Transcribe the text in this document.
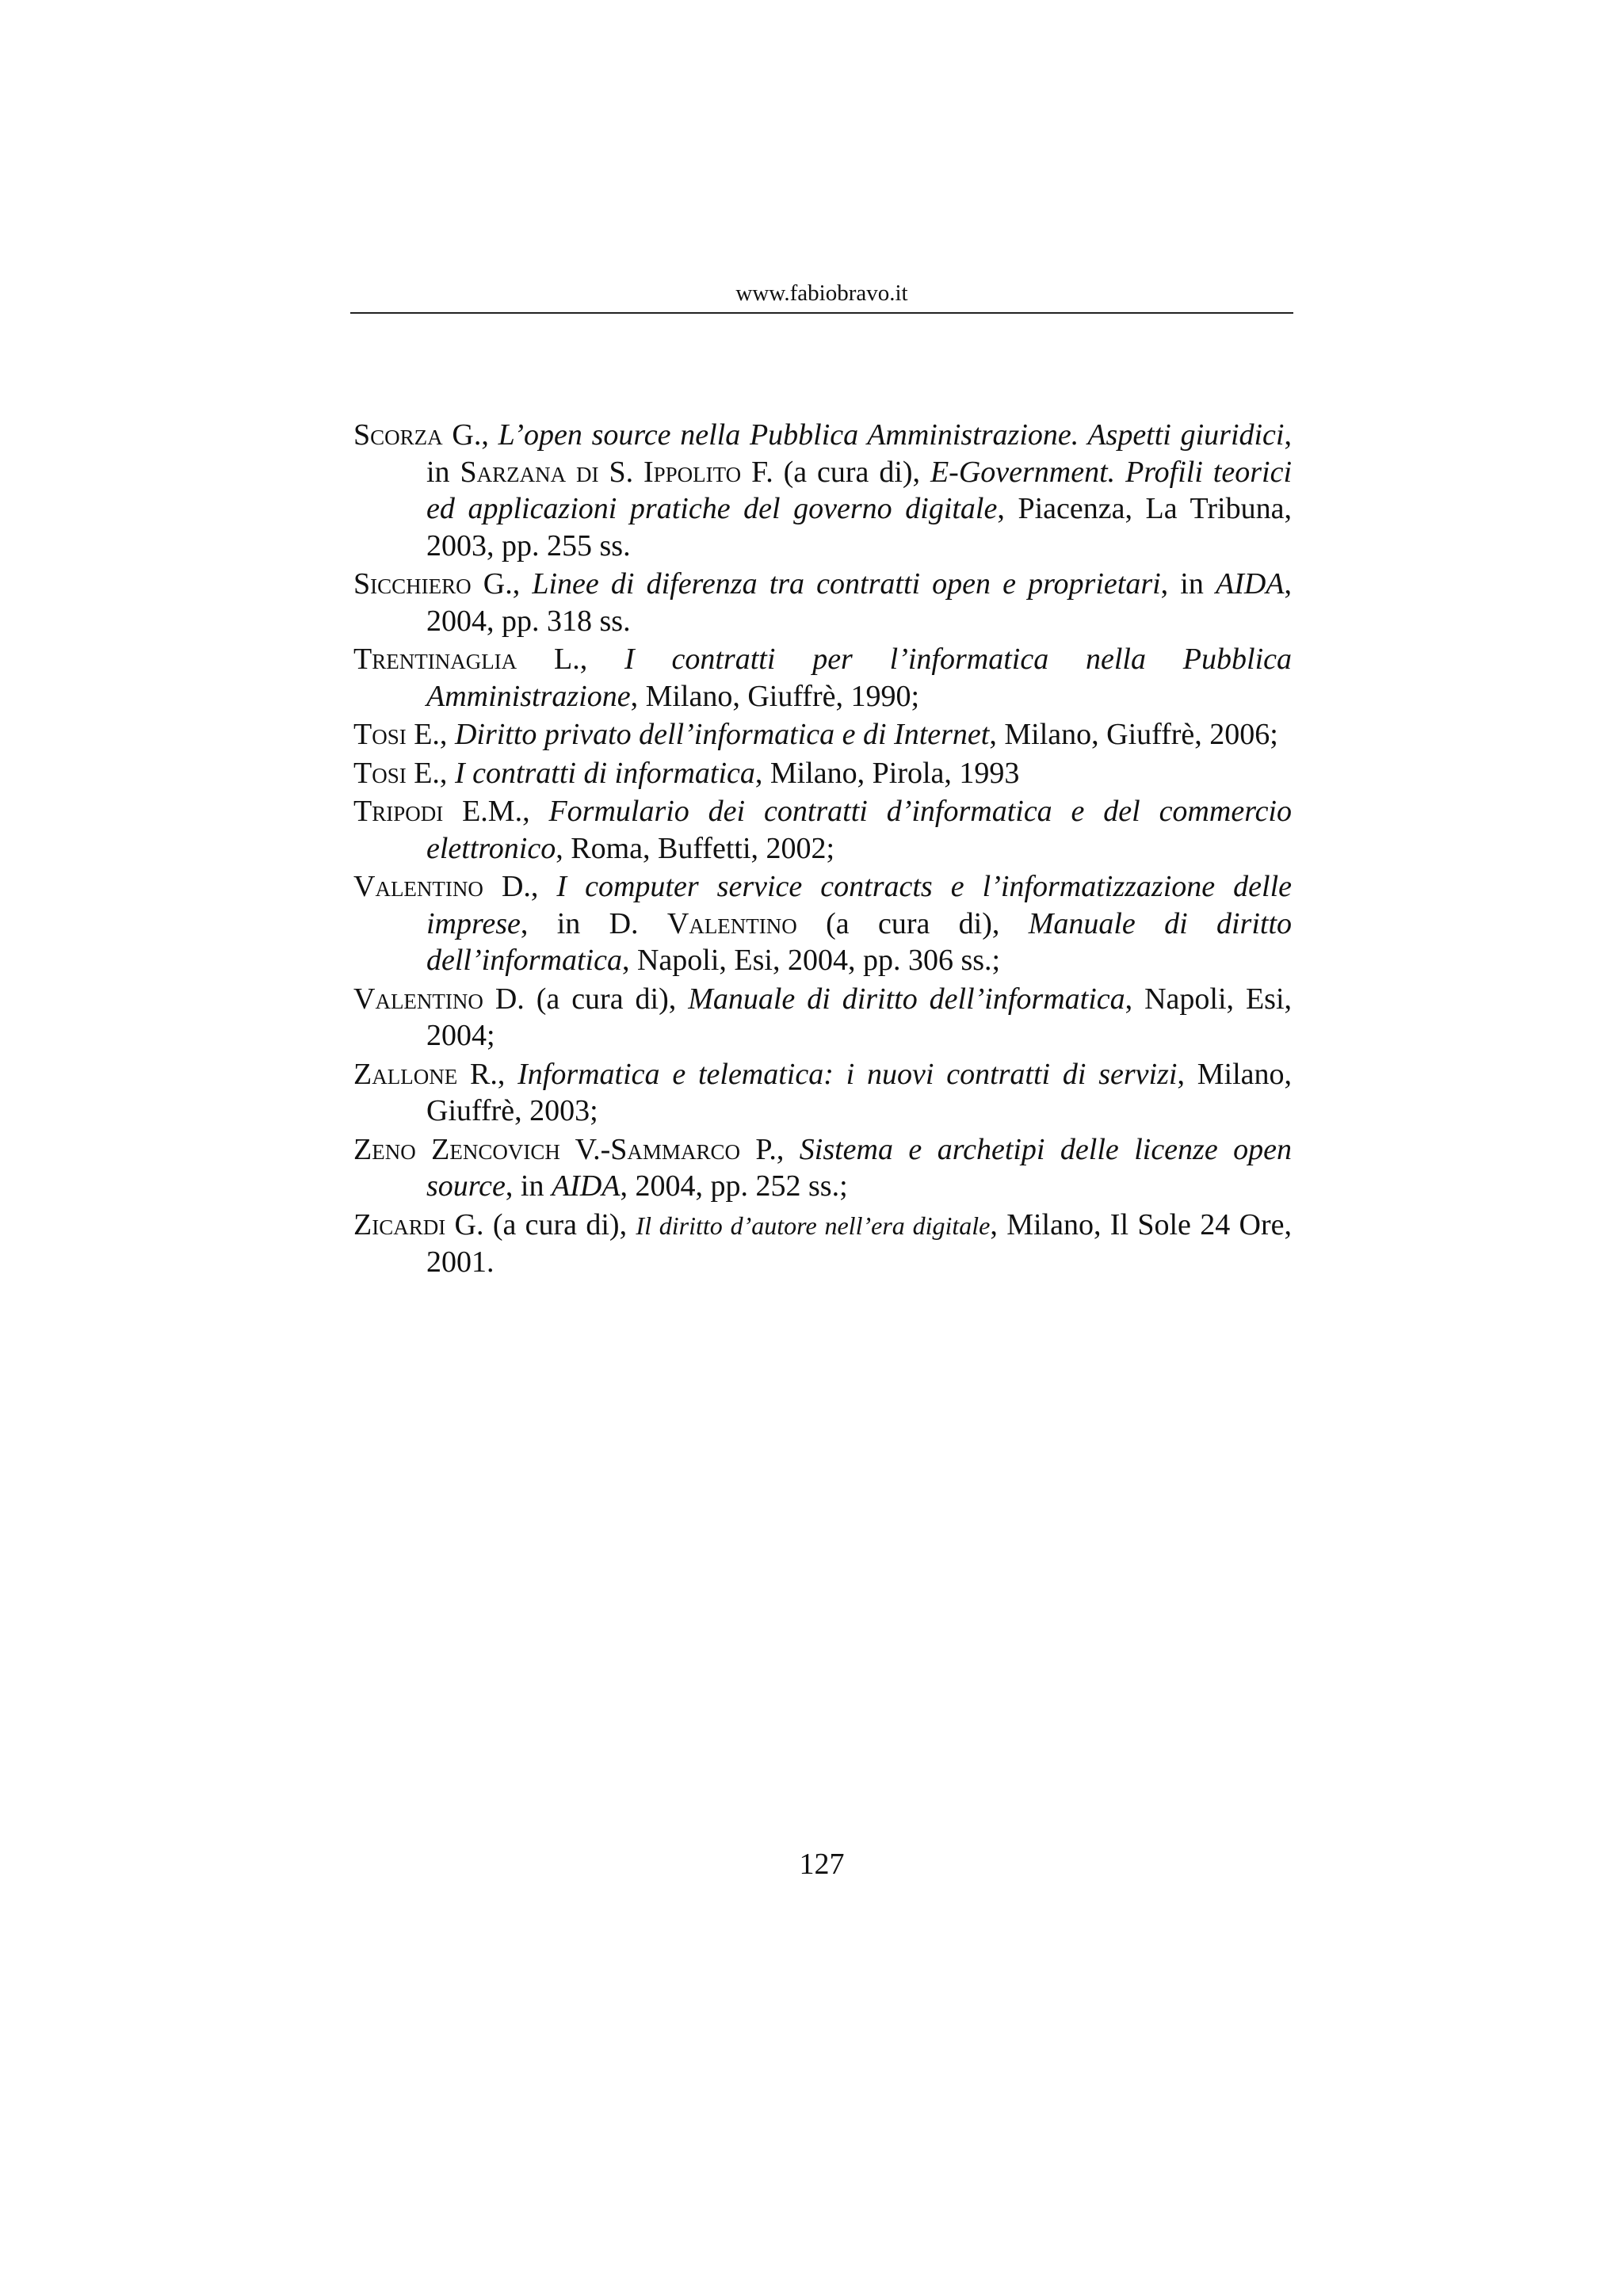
www.fabiobravo.it

Scorza G., L’open source nella Pubblica Amministrazione. Aspetti giuridici, in Sarzana di S. Ippolito F. (a cura di), E-Government. Profili teorici ed applicazioni pratiche del governo digitale, Piacenza, La Tribuna, 2003, pp. 255 ss.

Sicchiero G., Linee di diferenza tra contratti open e proprietari, in AIDA, 2004, pp. 318 ss.

Trentinaglia L., I contratti per l’informatica nella Pubblica Amministrazione, Milano, Giuffrè, 1990;

Tosi E., Diritto privato dell’informatica e di Internet, Milano, Giuffrè, 2006;

Tosi E., I contratti di informatica, Milano, Pirola, 1993

Tripodi E.M., Formulario dei contratti d’informatica e del commercio elettronico, Roma, Buffetti, 2002;

Valentino D., I computer service contracts e l’informatizzazione delle imprese, in D. Valentino (a cura di), Manuale di diritto dell’informatica, Napoli, Esi, 2004, pp. 306 ss.;

Valentino D. (a cura di), Manuale di diritto dell’informatica, Napoli, Esi, 2004;

Zallone R., Informatica e telematica: i nuovi contratti di servizi, Milano, Giuffrè, 2003;

Zeno Zencovich V.-Sammarco P., Sistema e archetipi delle licenze open source, in AIDA, 2004, pp. 252 ss.;

Zicardi G. (a cura di), Il diritto d’autore nell’era digitale, Milano, Il Sole 24 Ore, 2001.

127
